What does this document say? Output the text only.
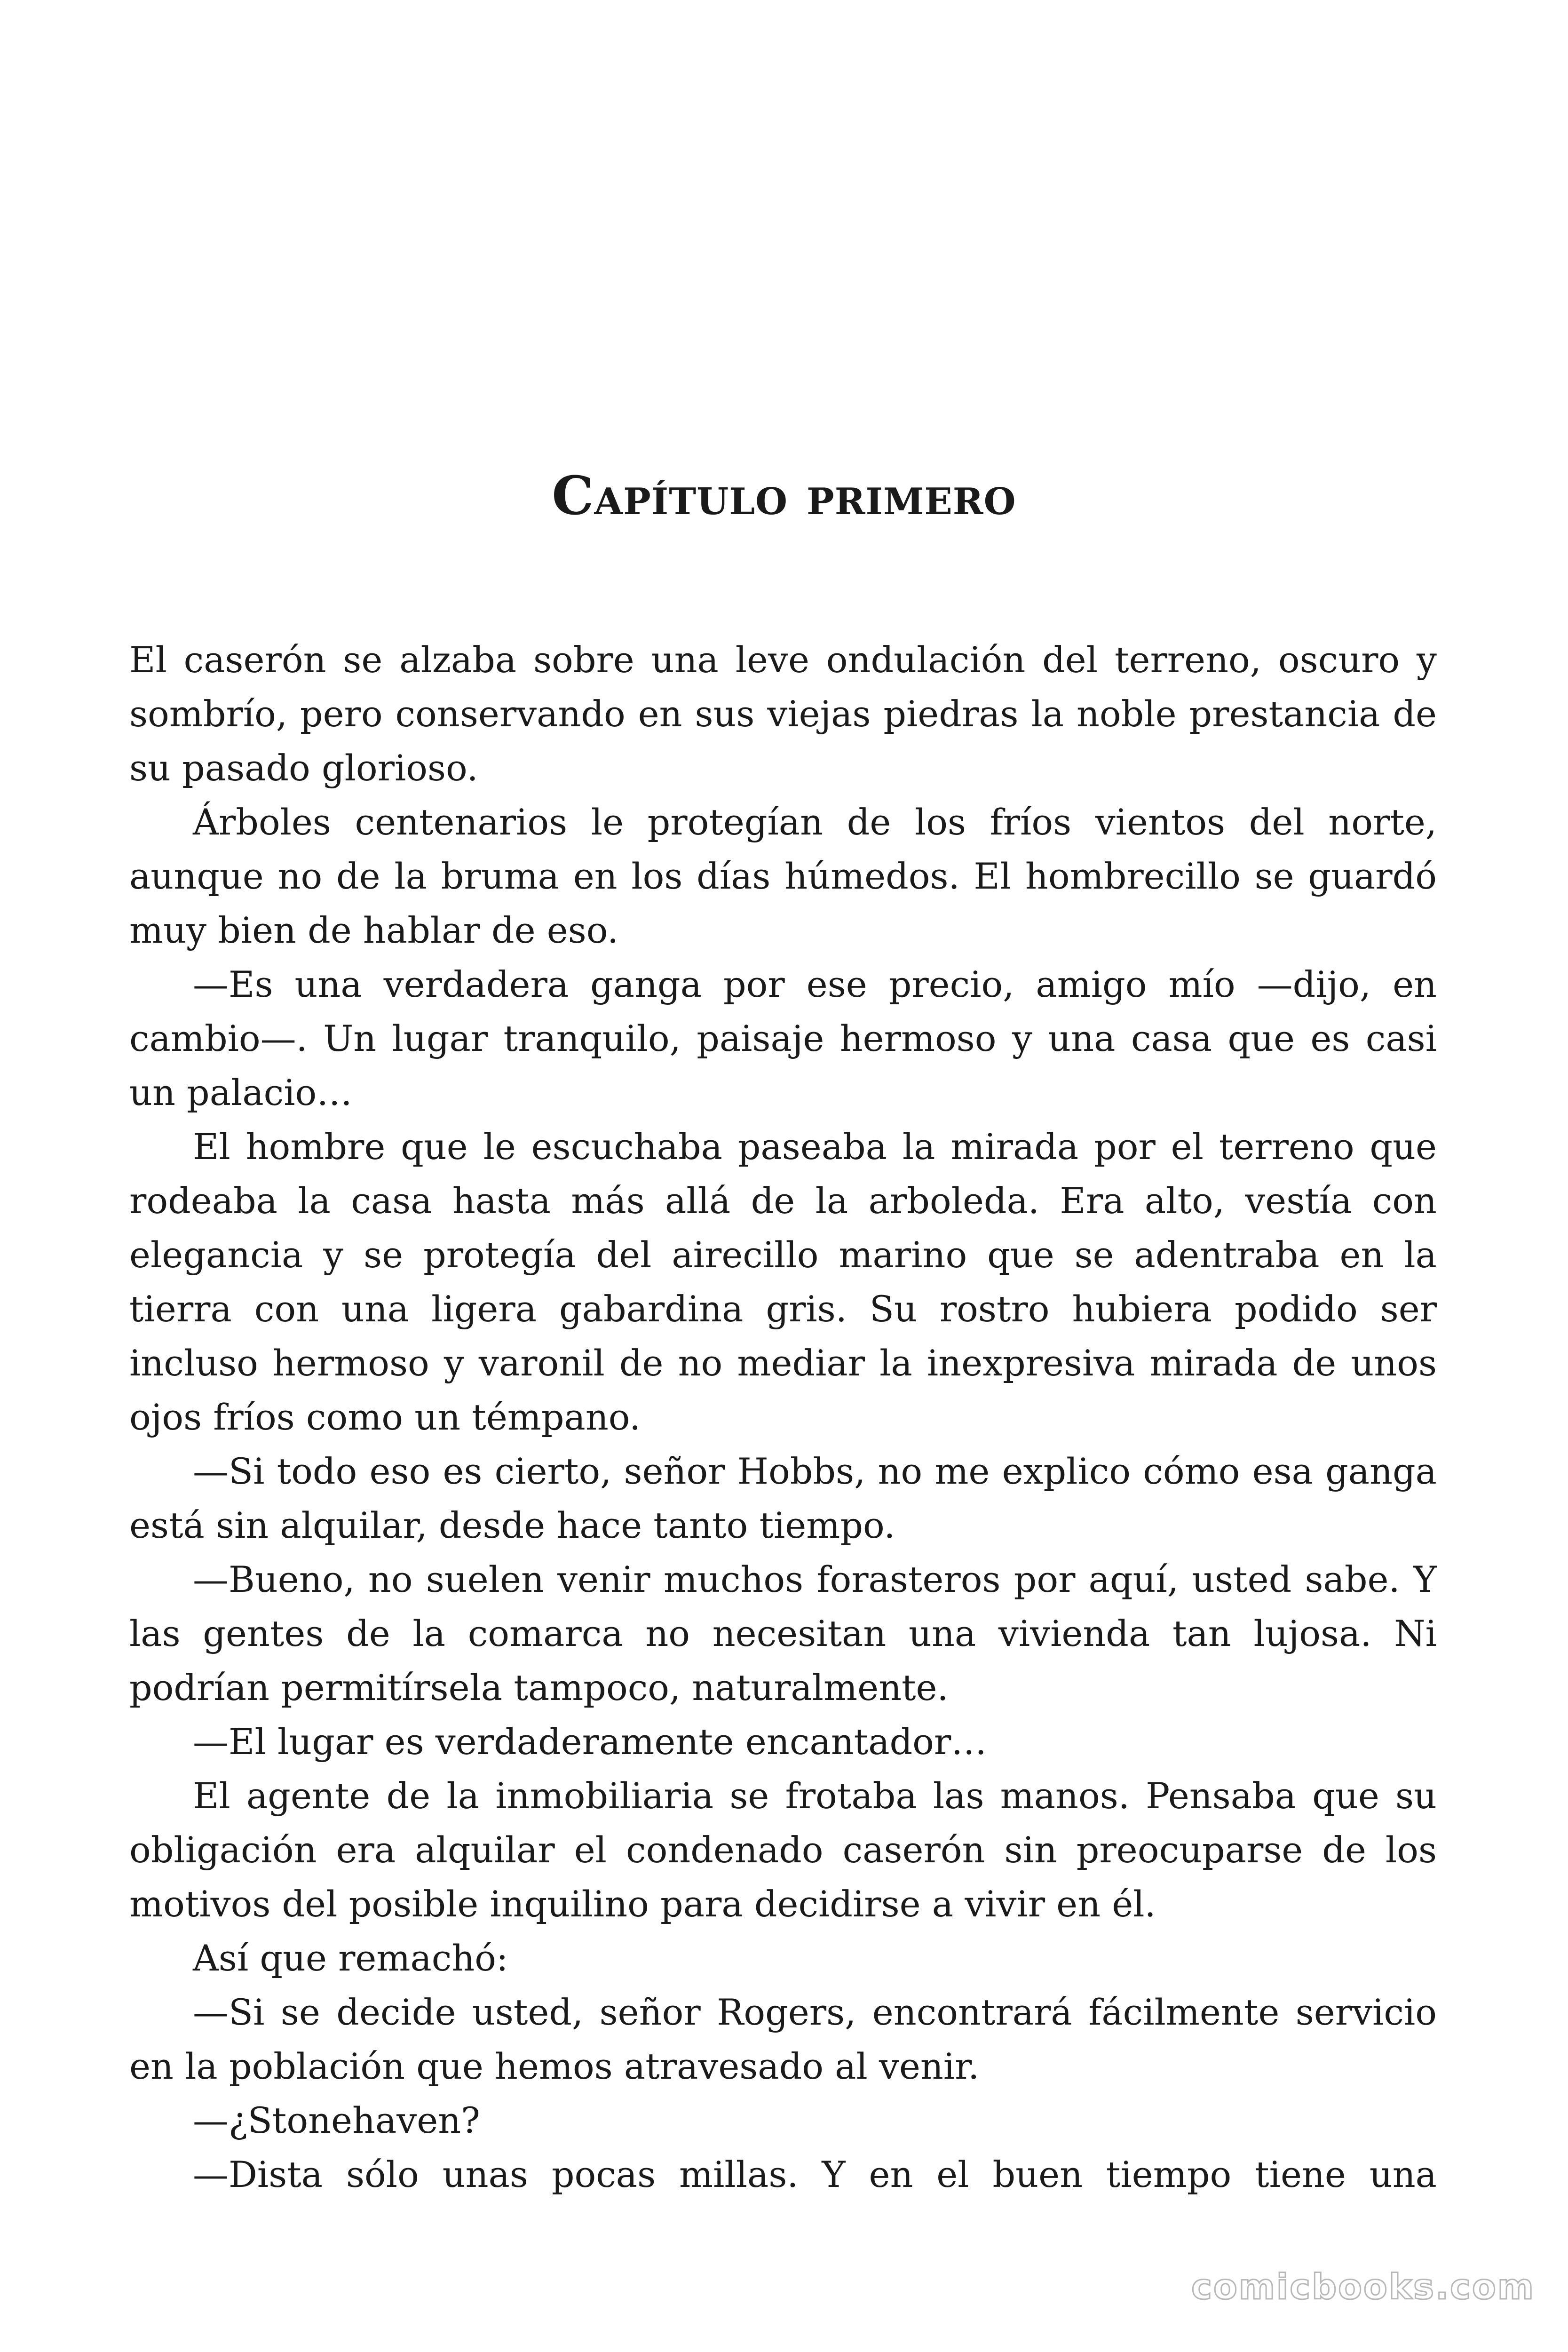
Capítulo primero

El caserón se alzaba sobre una leve ondulación del terreno, oscuro y sombrío, pero conservando en sus viejas piedras la noble prestancia de su pasado glorioso.

Árboles centenarios le protegían de los fríos vientos del norte, aunque no de la bruma en los días húmedos. El hombrecillo se guardó muy bien de hablar de eso.

—Es una verdadera ganga por ese precio, amigo mío —dijo, en cambio—. Un lugar tranquilo, paisaje hermoso y una casa que es casi un palacio…

El hombre que le escuchaba paseaba la mirada por el terreno que rodeaba la casa hasta más allá de la arboleda. Era alto, vestía con elegancia y se protegía del airecillo marino que se adentraba en la tierra con una ligera gabardina gris. Su rostro hubiera podido ser incluso hermoso y varonil de no mediar la inexpresiva mirada de unos ojos fríos como un témpano.

—Si todo eso es cierto, señor Hobbs, no me explico cómo esa ganga está sin alquilar, desde hace tanto tiempo.

—Bueno, no suelen venir muchos forasteros por aquí, usted sabe. Y las gentes de la comarca no necesitan una vivienda tan lujosa. Ni podrían permitírsela tampoco, naturalmente.

—El lugar es verdaderamente encantador…

El agente de la inmobiliaria se frotaba las manos. Pensaba que su obligación era alquilar el condenado caserón sin preocuparse de los motivos del posible inquilino para decidirse a vivir en él.

Así que remachó:

—Si se decide usted, señor Rogers, encontrará fácilmente servicio en la población que hemos atravesado al venir.

—¿Stonehaven?

—Dista sólo unas pocas millas. Y en el buen tiempo tiene una

comicbooks.com
